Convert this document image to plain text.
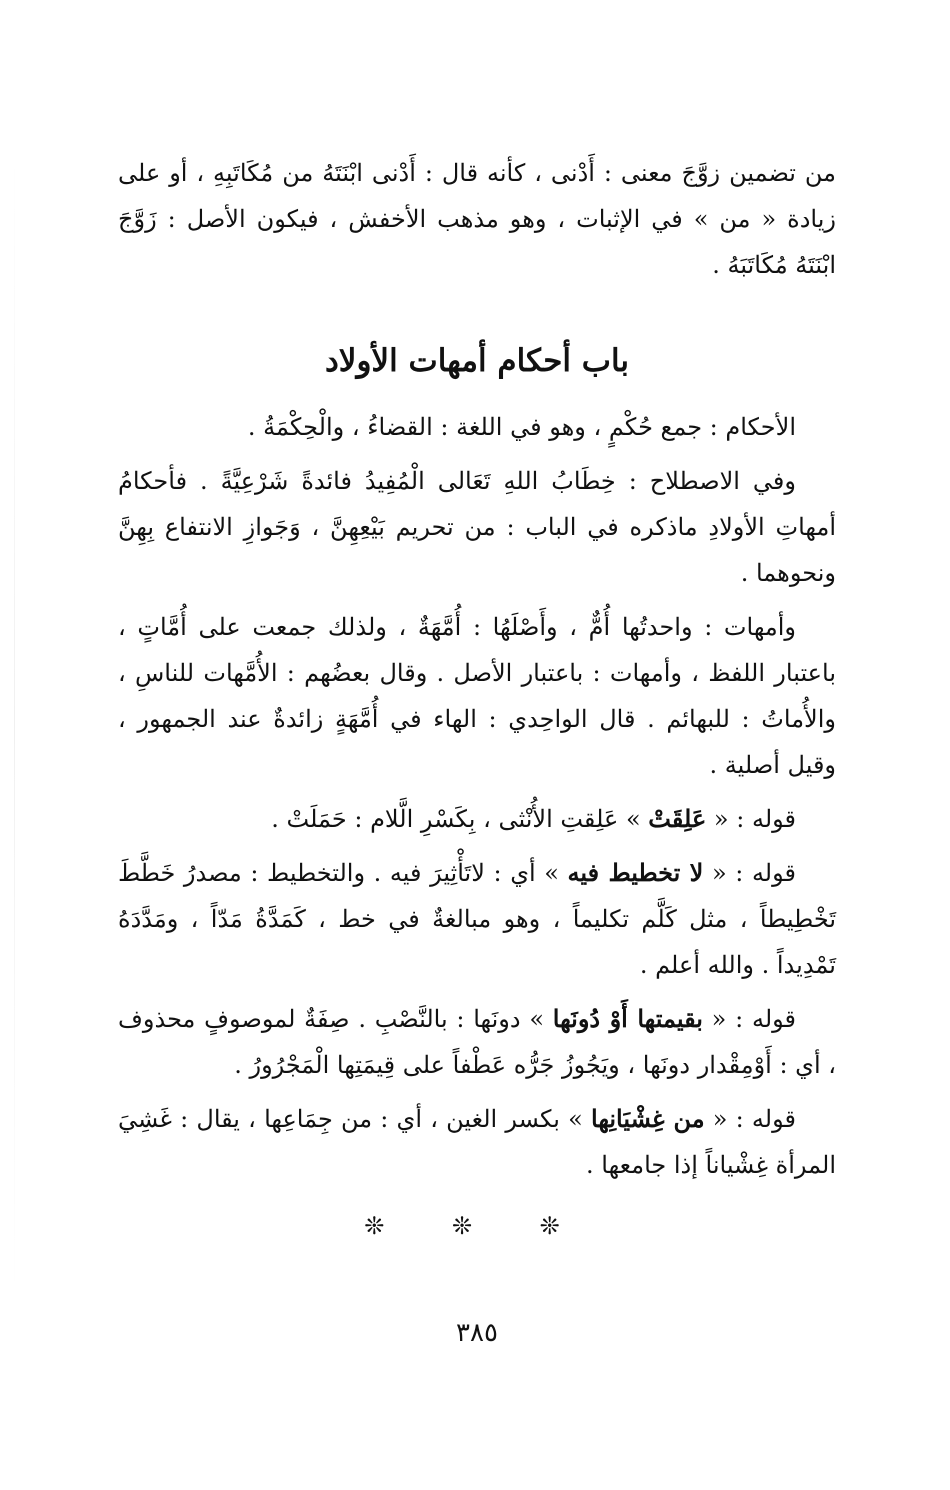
من تضمين زوَّجَ معنى : أَدْنى ، كأنه قال : أَدْنى ابْنَتَهُ من مُكَاتَبِهِ ، أو على زيادة « من » في الإثبات ، وهو مذهب الأخفش ، فيكون الأصل : زَوَّجَ ابْنَتَهُ مُكَاتَبَهُ .

باب أحكام أمهات الأولاد

الأحكام : جمع حُكْمٍ ، وهو في اللغة : القضاءُ ، والْحِكْمَةُ .

وفي الاصطلاح : خِطَابُ اللهِ تَعَالى الْمُفِيدُ فائدةً شَرْعِيَّةً . فأحكامُ أمهاتِ الأولادِ ماذكره في الباب : من تحريم بَيْعِهِنَّ ، وَجَوازِ الانتفاع بِهِنَّ ونحوهما .

وأمهات : واحدتُها أُمٌّ ، وأَصْلَهُا : أُمَّهَةٌ ، ولذلك جمعت على أُمَّاتٍ ، باعتبار اللفظ ، وأمهات : باعتبار الأصل . وقال بعضُهم : الأُمَّهات للناسِ ، والأُماتُ : للبهائم . قال الواحِدي : الهاء في أُمَّهَةٍ زائدةٌ عند الجمهور ، وقيل أصلية .

قوله : « عَلِقَتْ » عَلِقتِ الأُنْثى ، بِكَسْرِ الَّلام : حَمَلَتْ .

قوله : « لا تخطيط فيه » أي : لاتَأْثِيرَ فيه . والتخطيط : مصدرُ خَطَّطَ تَخْطِيطاً ، مثل كَلَّم تكليماً ، وهو مبالغةٌ في خط ، كَمَدَّةُ مَدّاً ، ومَدَّدَهُ تَمْدِيداً . والله أعلم .

قوله : « بقيمتها أَوْ دُونَها » دونَها : بالنَّصْبِ . صِفَةٌ لموصوفٍ محذوف ، أي : أَوْمِقْدار دونَها ، ويَجُوزُ جَرُّه عَطْفاً على قِيمَتِها الْمَجْرُورُ .

قوله : « من غِشْيَانِها » بكسر الغين ، أي : من جِمَاعِها ، يقال : غَشِيَ المرأة غِشْياناً إذا جامعها .

❊ ❊ ❊
٣٨٥
